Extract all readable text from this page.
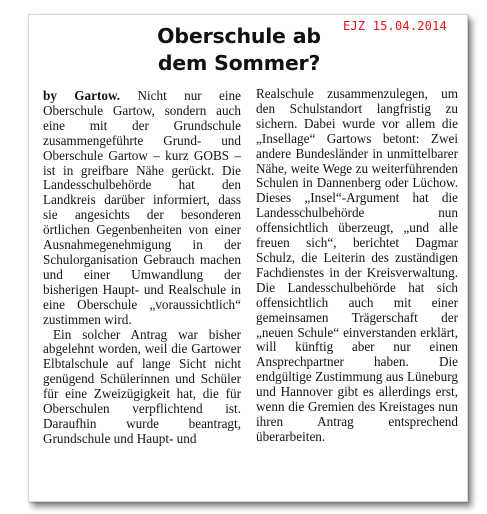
EJZ 15.04.2014
Oberschule ab
dem Sommer?

by Gartow. Nicht nur eine Oberschule Gartow, sondern auch eine mit der Grundschule zusammengeführte Grund- und Oberschule Gartow – kurz GOBS – ist in greifbare Nähe gerückt. Die Landesschulbehörde hat den Landkreis darüber informiert, dass sie angesichts der besonderen örtlichen Gegenbenheiten von einer Ausnahmegenehmigung in der Schulorganisation Gebrauch machen und einer Umwandlung der bisherigen Haupt- und Realschule in eine Oberschule „voraussichtlich“ zustimmen wird.

Ein solcher Antrag war bisher abgelehnt worden, weil die Gartower Elbtalschule auf lange Sicht nicht genügend Schülerinnen und Schüler für eine Zweizügigkeit hat, die für Oberschulen verpflichtend ist. Daraufhin wurde beantragt, Grundschule und Haupt- und

Realschule zusammenzulegen, um den Schulstandort langfristig zu sichern. Dabei wurde vor allem die „Insellage“ Gartows betont: Zwei andere Bundesländer in unmittelbarer Nähe, weite Wege zu weiterführenden Schulen in Dannenberg oder Lüchow. Dieses „Insel“-Argument hat die Landesschulbehörde nun offensichtlich überzeugt, „und alle freuen sich“, berichtet Dagmar Schulz, die Leiterin des zuständigen Fachdienstes in der Kreisverwaltung. Die Landesschulbehörde hat sich offensichtlich auch mit einer gemeinsamen Trägerschaft der „neuen Schule“ einverstanden erklärt, will künftig aber nur einen Ansprechpartner haben. Die endgültige Zustimmung aus Lüneburg und Hannover gibt es allerdings erst, wenn die Gremien des Kreistages nun ihren Antrag entsprechend überarbeiten.
